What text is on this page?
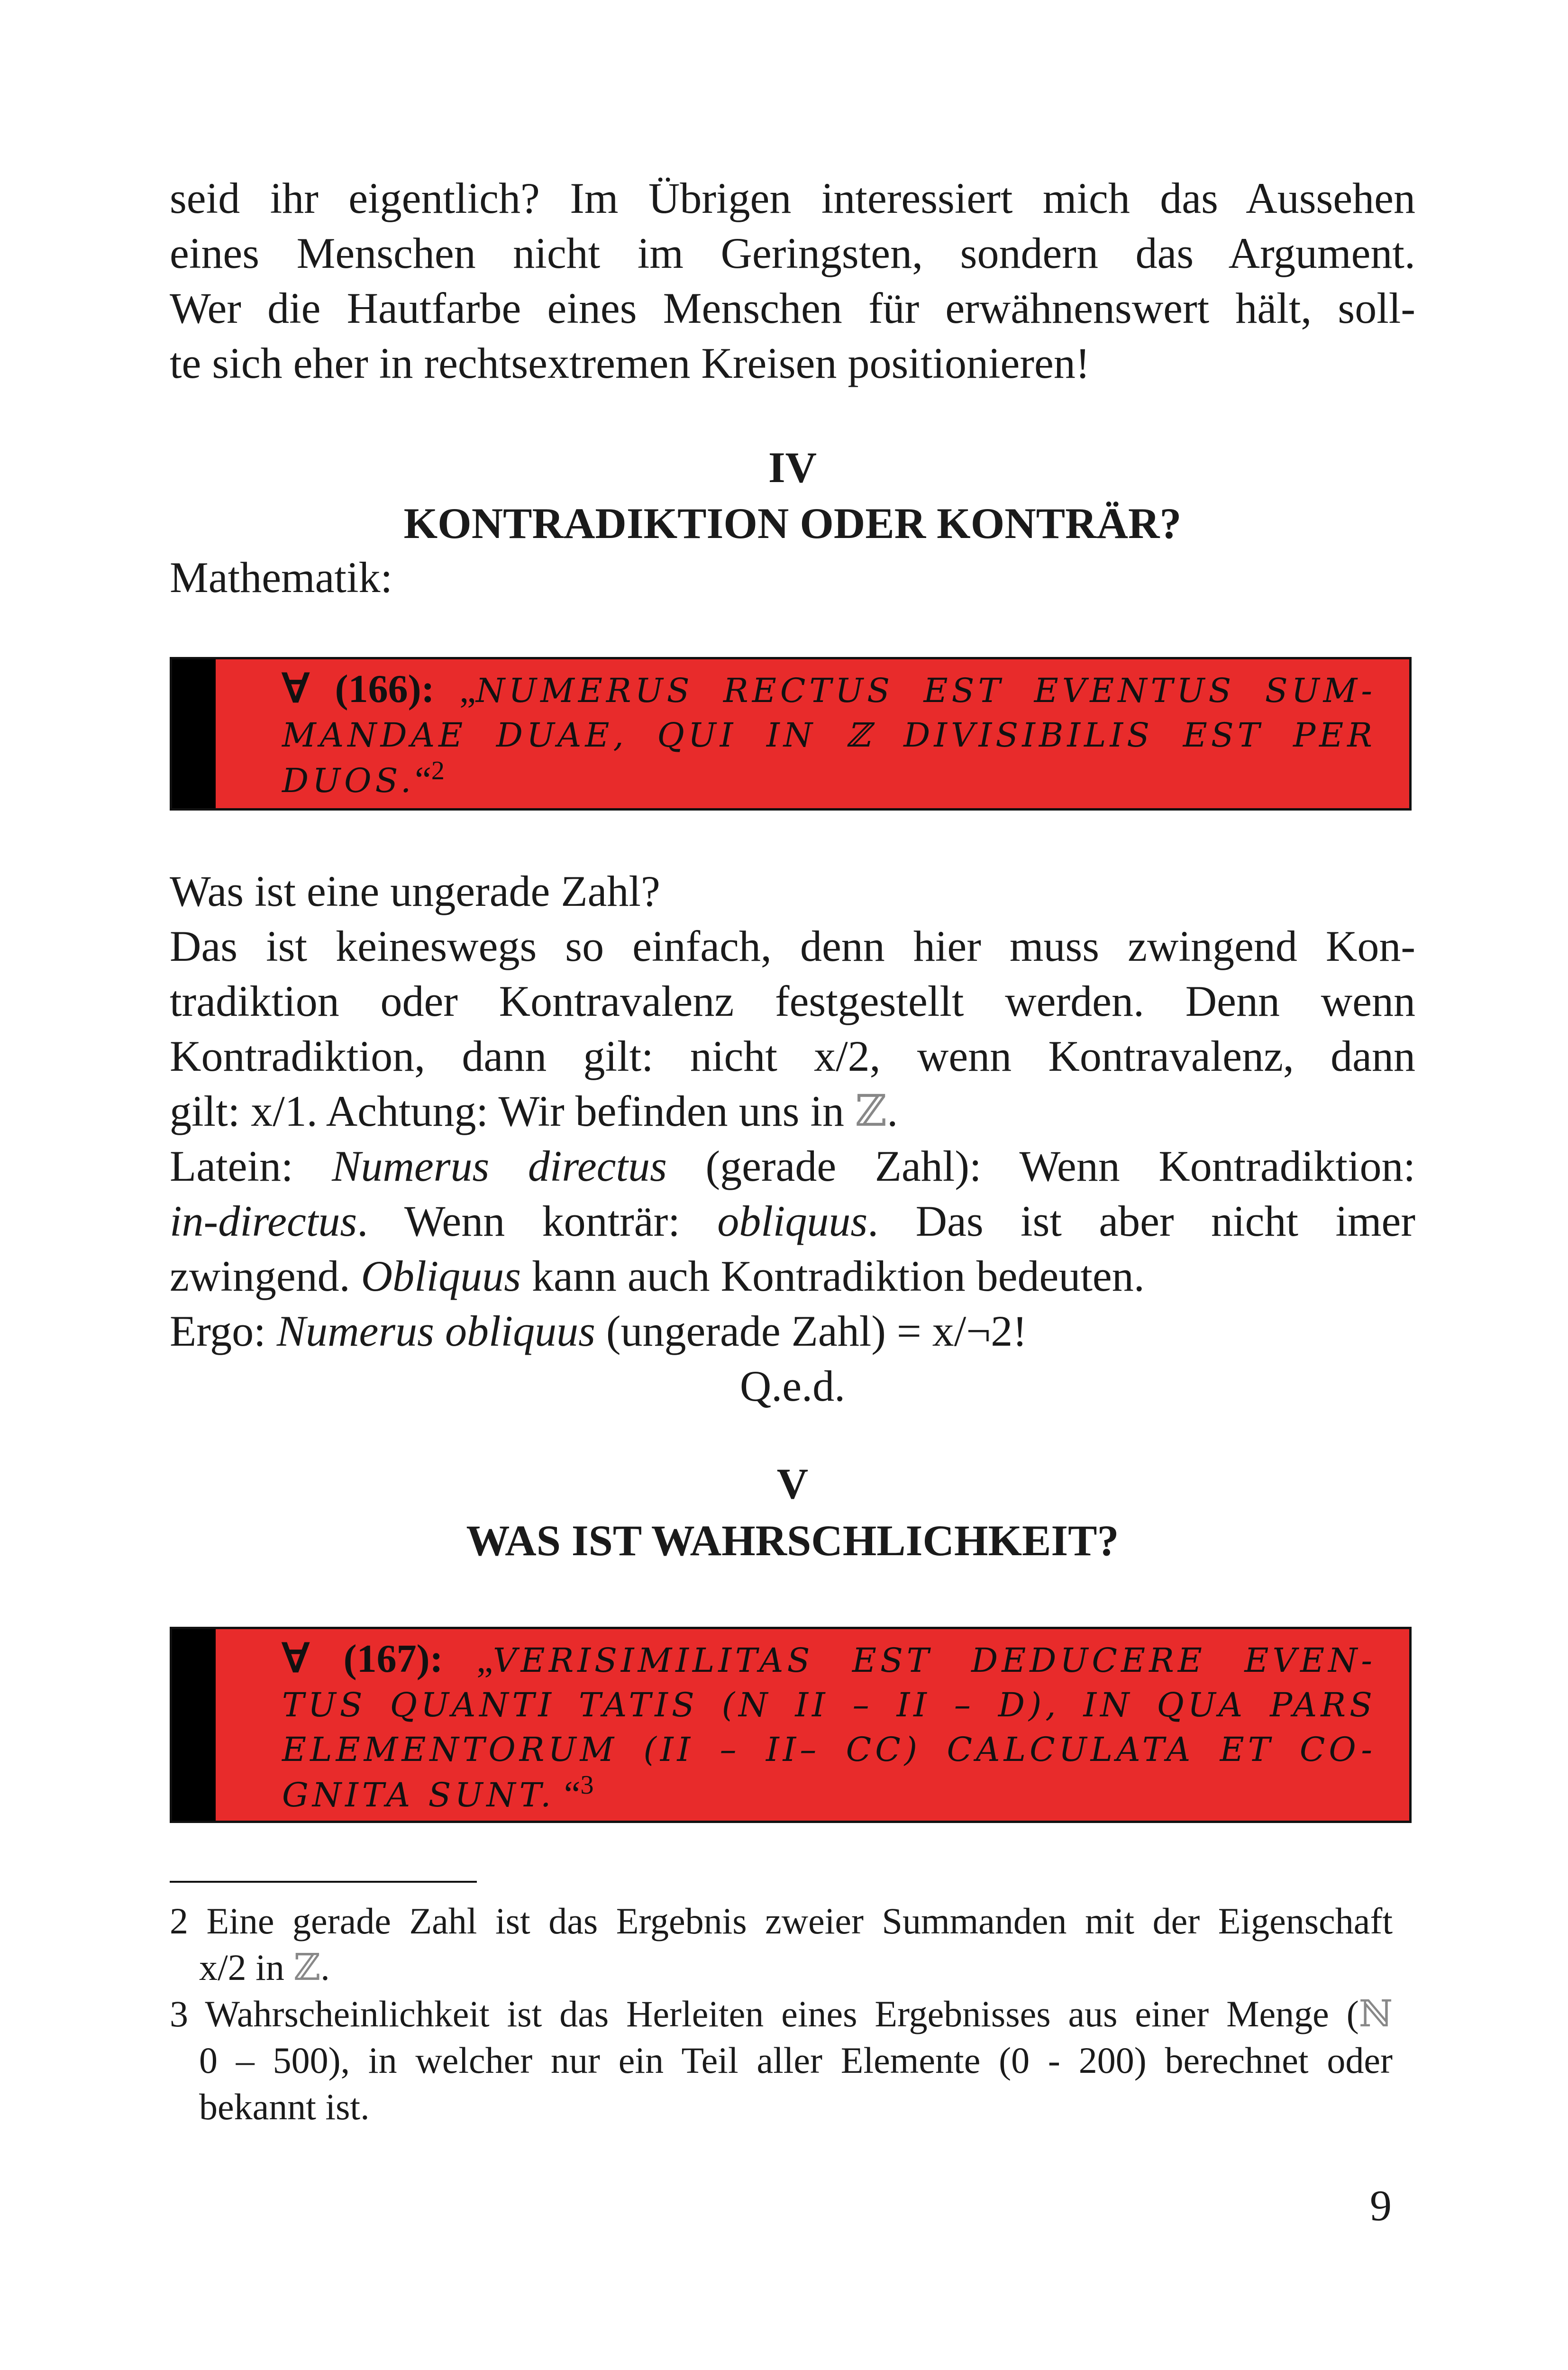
seid ihr eigentlich? Im Übrigen interessiert mich das Aussehen
eines Menschen nicht im Geringsten, sondern das Argument.
Wer die Hautfarbe eines Menschen für erwähnenswert hält, soll-
te sich eher in rechtsextremen Kreisen positionieren!
IV
KONTRADIKTION ODER KONTRÄR?
Mathematik:
∀ (166): „NUMERUS RECTUS EST EVENTUS SUM-
MANDAE DUAE, QUI IN ℤ DIVISIBILIS EST PER
DUOS.“$^2$
Was ist eine ungerade Zahl?
Das ist keineswegs so einfach, denn hier muss zwingend Kon-
tradiktion oder Kontravalenz festgestellt werden. Denn wenn
Kontradiktion, dann gilt: nicht x/2, wenn Kontravalenz, dann
gilt: x/1. Achtung: Wir befinden uns in ℤ.
Latein: Numerus directus (gerade Zahl): Wenn Kontradiktion:
in-directus. Wenn konträr: obliquus. Das ist aber nicht imer
zwingend. Obliquus kann auch Kontradiktion bedeuten.
Ergo: Numerus obliquus (ungerade Zahl) = x/¬2!
Q.e.d.
V
WAS IST WAHRSCHLICHKEIT?
∀ (167): „VERISIMILITAS EST DEDUCERE EVEN-
TUS QUANTI TATIS (N II – II – D), IN QUA PARS
ELEMENTORUM (II – II– CC) CALCULATA ET CO-
GNITA SUNT. “$^3$
2 Eine gerade Zahl ist das Ergebnis zweier Summanden mit der Eigenschaft
x/2 in ℤ.
3 Wahrscheinlichkeit ist das Herleiten eines Ergebnisses aus einer Menge (ℕ
0 – 500), in welcher nur ein Teil aller Elemente (0 - 200) berechnet oder
bekannt ist.
9
